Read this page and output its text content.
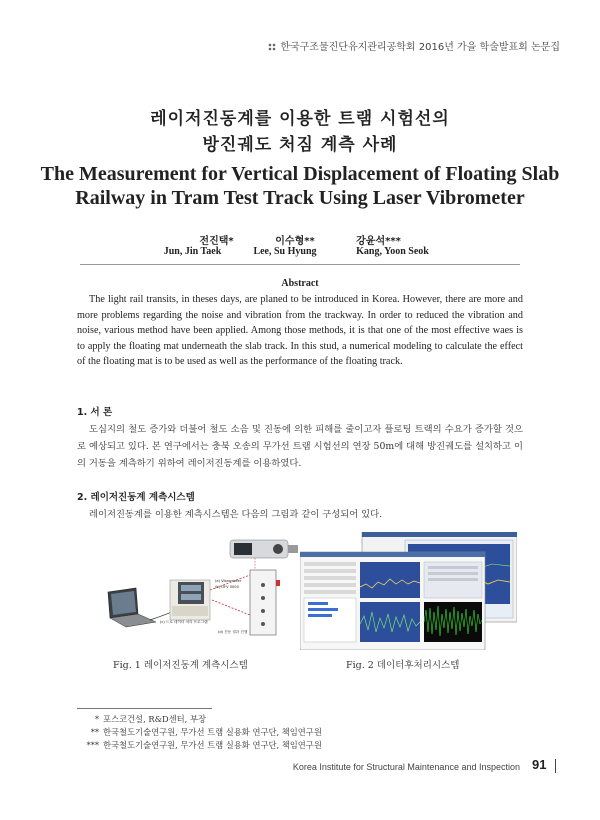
한국구조물진단유지관리공학회 2016년 가을 학술발표회 논문집
레이저진동계를 이용한 트램 시험선의
방진궤도 처짐 계측 사례
The Measurement for Vertical Displacement of Floating Slab
Railway in Tram Test Track Using Laser Vibrometer
전진택*	이수형**	강윤석***
Jun, Jin Taek	Lee, Su Hyung	Kang, Yoon Seok
Abstract

The light rail transits, in theses days, are planed to be introduced in Korea. However, there are more and more problems regarding the noise and vibration from the trackway. In order to reduced the vibration and noise, various method have been applied. Among those methods, it is that one of the most effective waes is to apply the floating mat underneath the slab track. In this stud, a numerical modeling to calculate the effect of the floating mat is to be used as well as the performance of the floating track.

1. 서 론

도심지의 철도 증가와 더불어 철도 소음 및 진동에 의한 피해를 줄이고자 플로팅 트랙의 수요가 증가할 것으로 예상되고 있다. 본 연구에서는 충북 오송의 무가선 트램 시험선의 연장 50m에 대해 방진궤도를 설치하고 이의 거동을 계측하기 위하여 레이저진동계를 이용하였다.

2. 레이저진동계 계측시스템

레이저진동계를 이용한 계측시스템은 다음의 그림과 같이 구성되어 있다.

(a) Vibrometer
(b) OFV 5000
(c) 드로 데이터 처리 프로그램
(d) 진동 결과 진행
Fig. 1 레이저진동계 계측시스템	Fig. 2 데이터후처리시스템
* 포스코건설, R&D센터, 부장
** 한국철도기술연구원, 무가선 트램 실용화 연구단, 책임연구원
*** 한국철도기술연구원, 무가선 트램 실용화 연구단, 책임연구원
Korea Institute for Structural Maintenance and Inspection 91
